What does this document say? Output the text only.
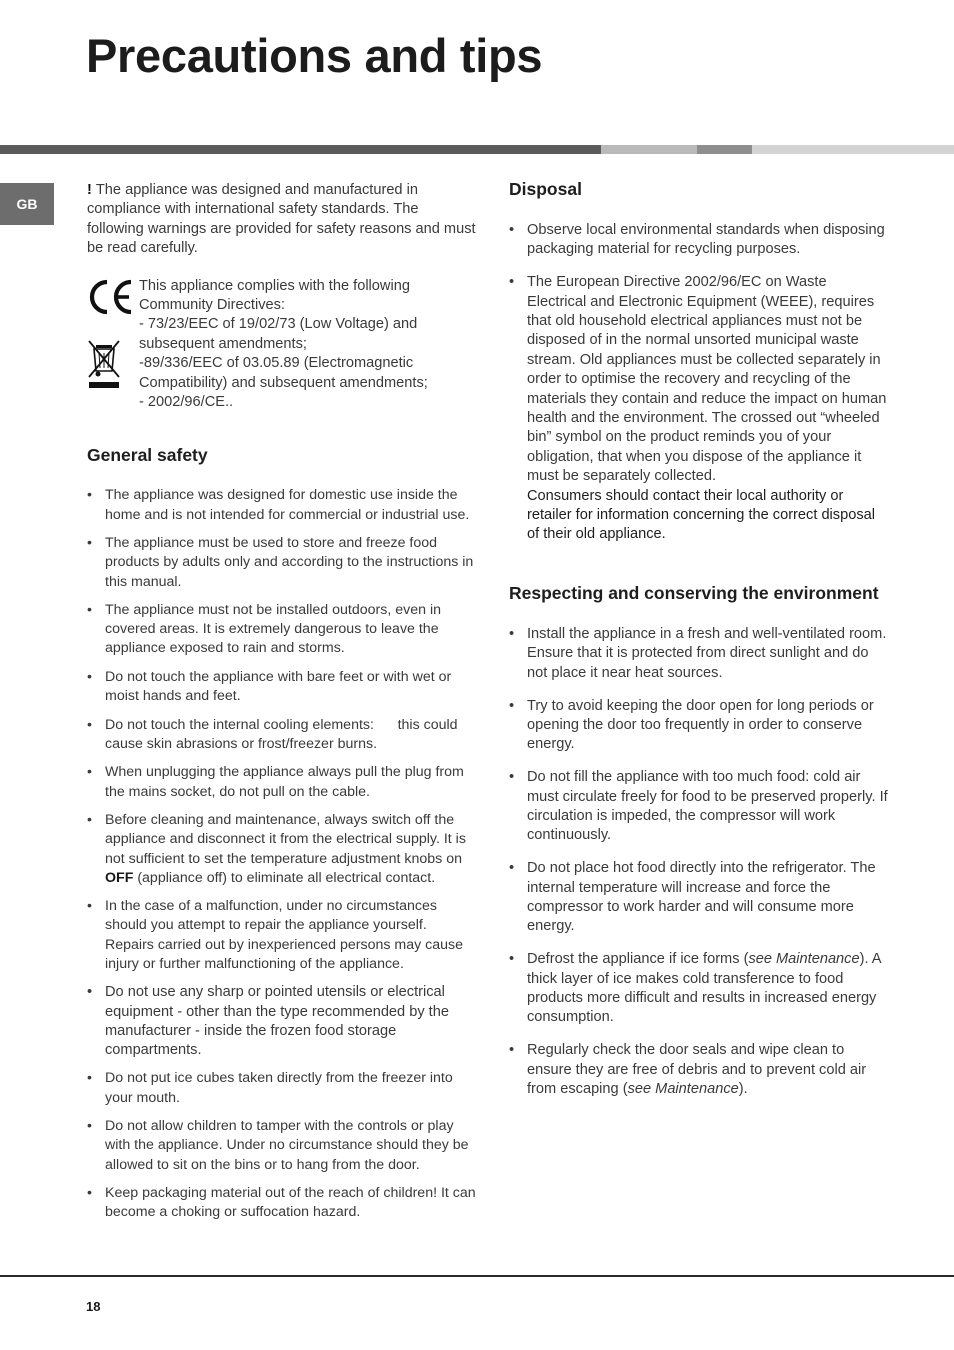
Precautions and tips
GB

! The appliance was designed and manufactured in compliance with international safety standards. The following warnings are provided for safety reasons and must be read carefully.

This appliance complies with the following Community Directives:
- 73/23/EEC of 19/02/73 (Low Voltage) and subsequent amendments;
-89/336/EEC of 03.05.89 (Electromagnetic Compatibility) and subsequent amendments;
- 2002/96/CE..

General safety
• The appliance was designed for domestic use inside the home and is not intended for commercial or industrial use.
• The appliance must be used to store and freeze food products by adults only and according to the instructions in this manual.
• The appliance must not be installed outdoors, even in covered areas. It is extremely dangerous to leave the appliance exposed to rain and storms.
• Do not touch the appliance with bare feet or with wet or moist hands and feet.
• Do not touch the internal cooling elements:      this could cause skin abrasions or frost/freezer burns.
• When unplugging the appliance always pull the plug from the mains socket, do not pull on the cable.
• Before cleaning and maintenance, always switch off the appliance and disconnect it from the electrical supply. It is not sufficient to set the temperature adjustment knobs on OFF (appliance off) to eliminate all electrical contact.
• In the case of a malfunction, under no circumstances should you attempt to repair the appliance yourself. Repairs carried out by inexperienced persons may cause injury or further malfunctioning of the appliance.
• Do not use any sharp or pointed utensils or electrical equipment - other than the type recommended by the manufacturer - inside the frozen food storage compartments.
• Do not put ice cubes taken directly from the freezer into your mouth.
• Do not allow children to tamper with the controls or play with the appliance. Under no circumstance should they be allowed to sit on the bins or to hang from the door.
• Keep packaging material out of the reach of children! It can become a choking or suffocation hazard.
Disposal
• Observe local environmental standards when disposing packaging material for recycling purposes.
• The European Directive 2002/96/EC on Waste Electrical and Electronic Equipment (WEEE), requires that old household electrical appliances must not be disposed of in the normal unsorted municipal waste stream. Old appliances must be collected separately in order to optimise the recovery and recycling of the materials they contain and reduce the impact on human health and the environment. The crossed out “wheeled bin” symbol on the product reminds you of your obligation, that when you dispose of the appliance it must be separately collected.
Consumers should contact their local authority or retailer for information concerning the correct disposal of their old appliance.
Respecting and conserving the environment
• Install the appliance in a fresh and well-ventilated room. Ensure that it is protected from direct sunlight and do not place it near heat sources.
• Try to avoid keeping the door open for long periods or opening the door too frequently in order to conserve energy.
• Do not fill the appliance with too much food: cold air must circulate freely for food to be preserved properly. If circulation is impeded, the compressor will work continuously.
• Do not place hot food directly into the refrigerator. The internal temperature will increase and force the compressor to work harder and will consume more energy.
• Defrost the appliance if ice forms (see Maintenance). A thick layer of ice makes cold transference to food products more difficult and results in increased energy consumption.
• Regularly check the door seals and wipe clean to ensure they are free of debris and to prevent cold air from escaping (see Maintenance).
18
